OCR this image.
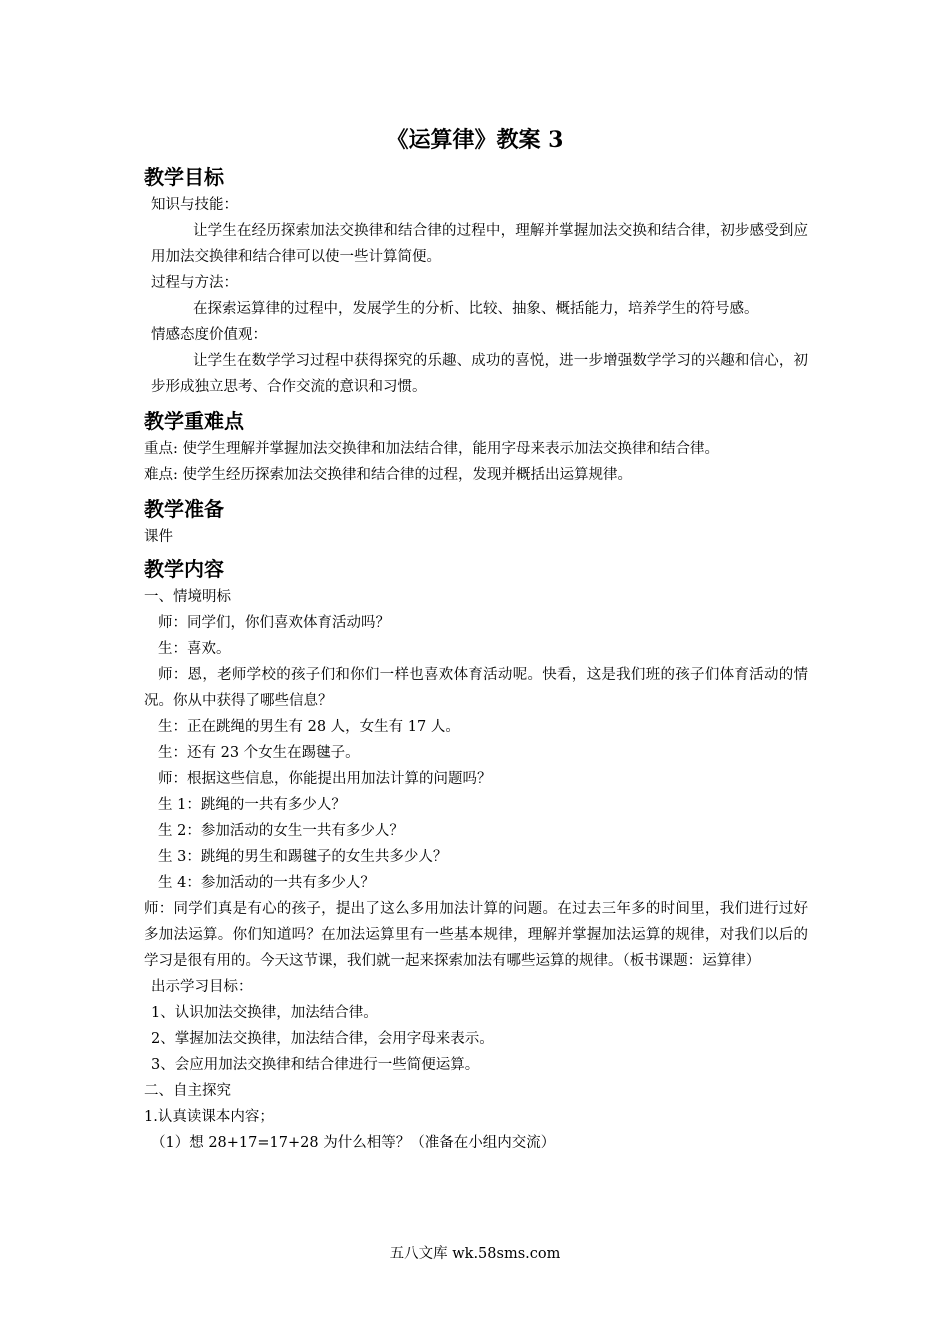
《运算律》教案 3
教学目标
知识与技能：
让学生在经历探索加法交换律和结合律的过程中，理解并掌握加法交换和结合律，初步感受到应用加法交换律和结合律可以使一些计算简便。
过程与方法：
在探索运算律的过程中，发展学生的分析、比较、抽象、概括能力，培养学生的符号感。
情感态度价值观：
让学生在数学学习过程中获得探究的乐趣、成功的喜悦，进一步增强数学学习的兴趣和信心，初步形成独立思考、合作交流的意识和习惯。
教学重难点
重点: 使学生理解并掌握加法交换律和加法结合律，能用字母来表示加法交换律和结合律。
难点: 使学生经历探索加法交换律和结合律的过程，发现并概括出运算规律。
教学准备
课件
教学内容
一、情境明标
师：同学们，你们喜欢体育活动吗？
生：喜欢。
师：恩，老师学校的孩子们和你们一样也喜欢体育活动呢。快看，这是我们班的孩子们体育活动的情况。你从中获得了哪些信息？
生：正在跳绳的男生有 28 人，女生有 17 人。
生：还有 23 个女生在踢毽子。
师：根据这些信息，你能提出用加法计算的问题吗？
生 1：跳绳的一共有多少人？
生 2：参加活动的女生一共有多少人？
生 3：跳绳的男生和踢毽子的女生共多少人？
生 4：参加活动的一共有多少人？
师：同学们真是有心的孩子，提出了这么多用加法计算的问题。在过去三年多的时间里，我们进行过好多加法运算。你们知道吗？在加法运算里有一些基本规律，理解并掌握加法运算的规律，对我们以后的学习是很有用的。今天这节课，我们就一起来探索加法有哪些运算的规律。（板书课题：运算律）
出示学习目标：
1、认识加法交换律，加法结合律。
2、掌握加法交换律，加法结合律，会用字母来表示。
3、会应用加法交换律和结合律进行一些简便运算。
二、自主探究
1.认真读课本内容；
（1）想 28+17=17+28 为什么相等？（准备在小组内交流）
五八文库 wk.58sms.com
